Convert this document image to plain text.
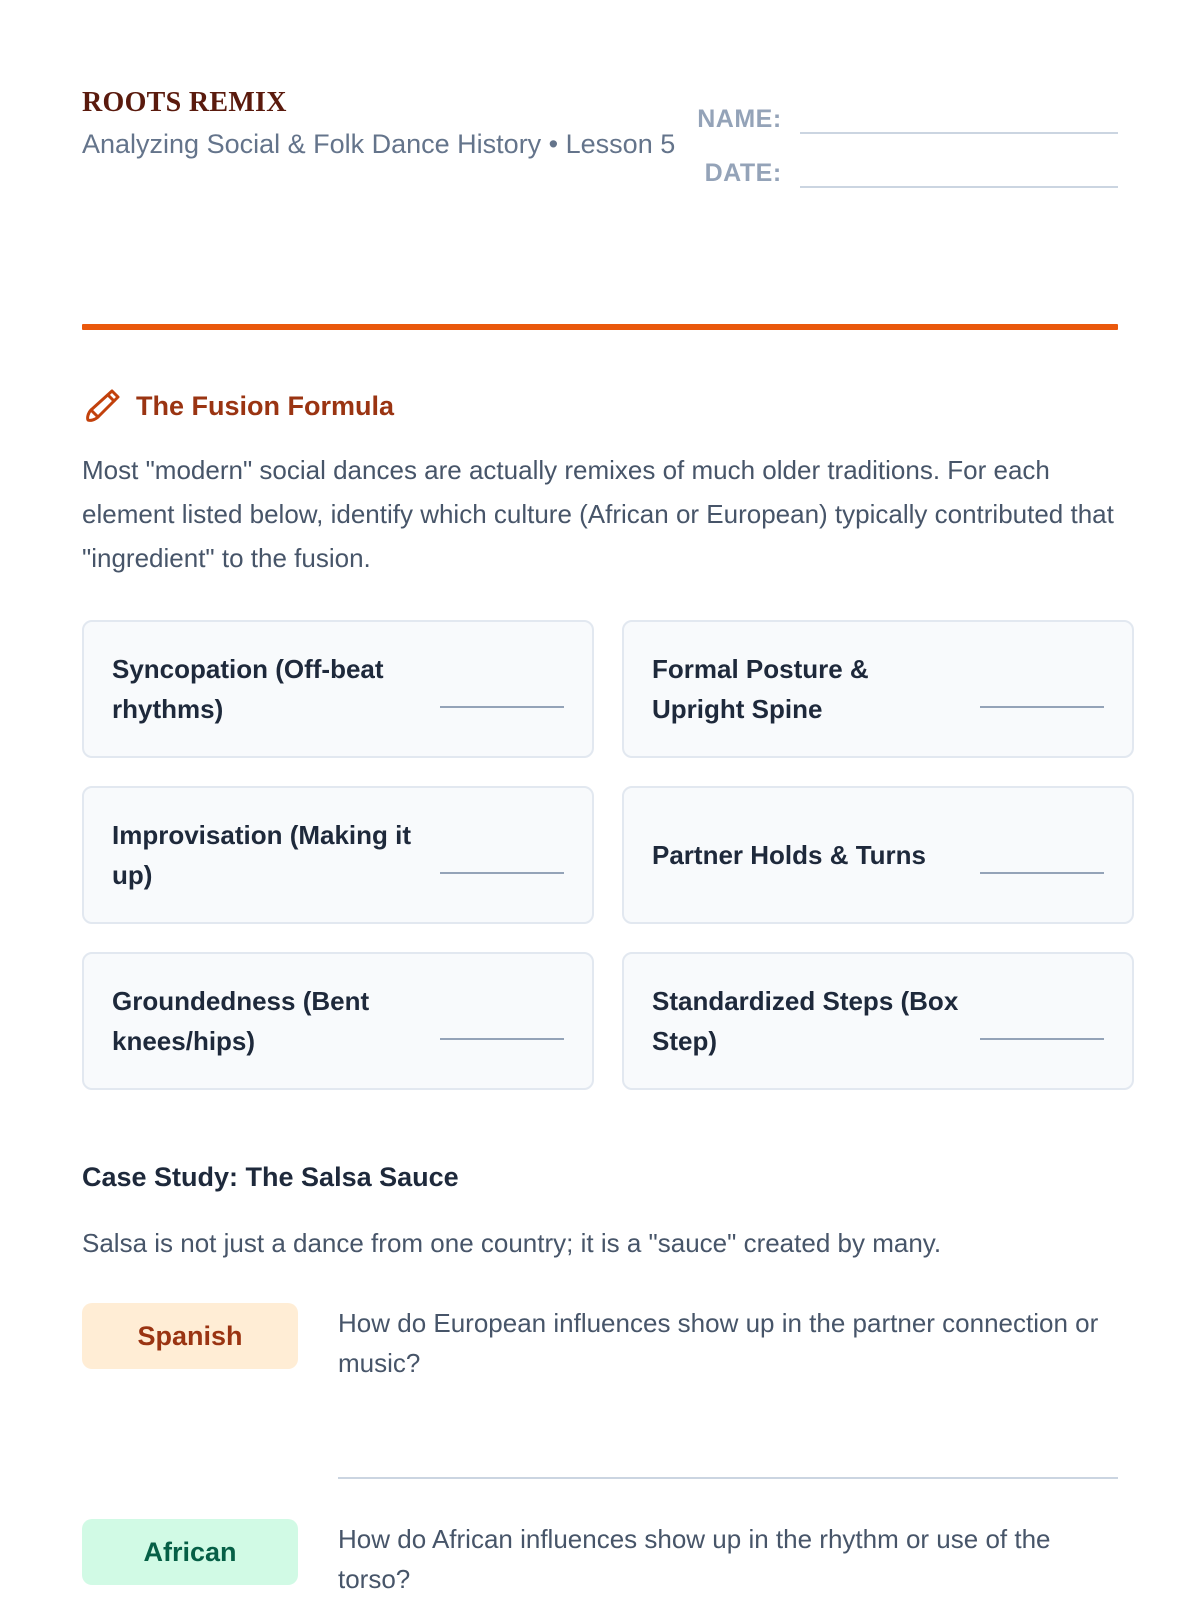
ROOTS REMIX
Analyzing Social & Folk Dance History • Lesson 5
NAME:
DATE:
The Fusion Formula

Most "modern" social dances are actually remixes of much older traditions. For each element listed below, identify which culture (African or European) typically contributed that "ingredient" to the fusion.

Syncopation (Off-beat rhythms)
Formal Posture & Upright Spine
Improvisation (Making it up)
Partner Holds & Turns
Groundedness (Bent knees/hips)
Standardized Steps (Box Step)
Case Study: The Salsa Sauce

Salsa is not just a dance from one country; it is a "sauce" created by many.

Spanish	How do European influences show up in the partner connection or music?

African	How do African influences show up in the rhythm or use of the torso?
